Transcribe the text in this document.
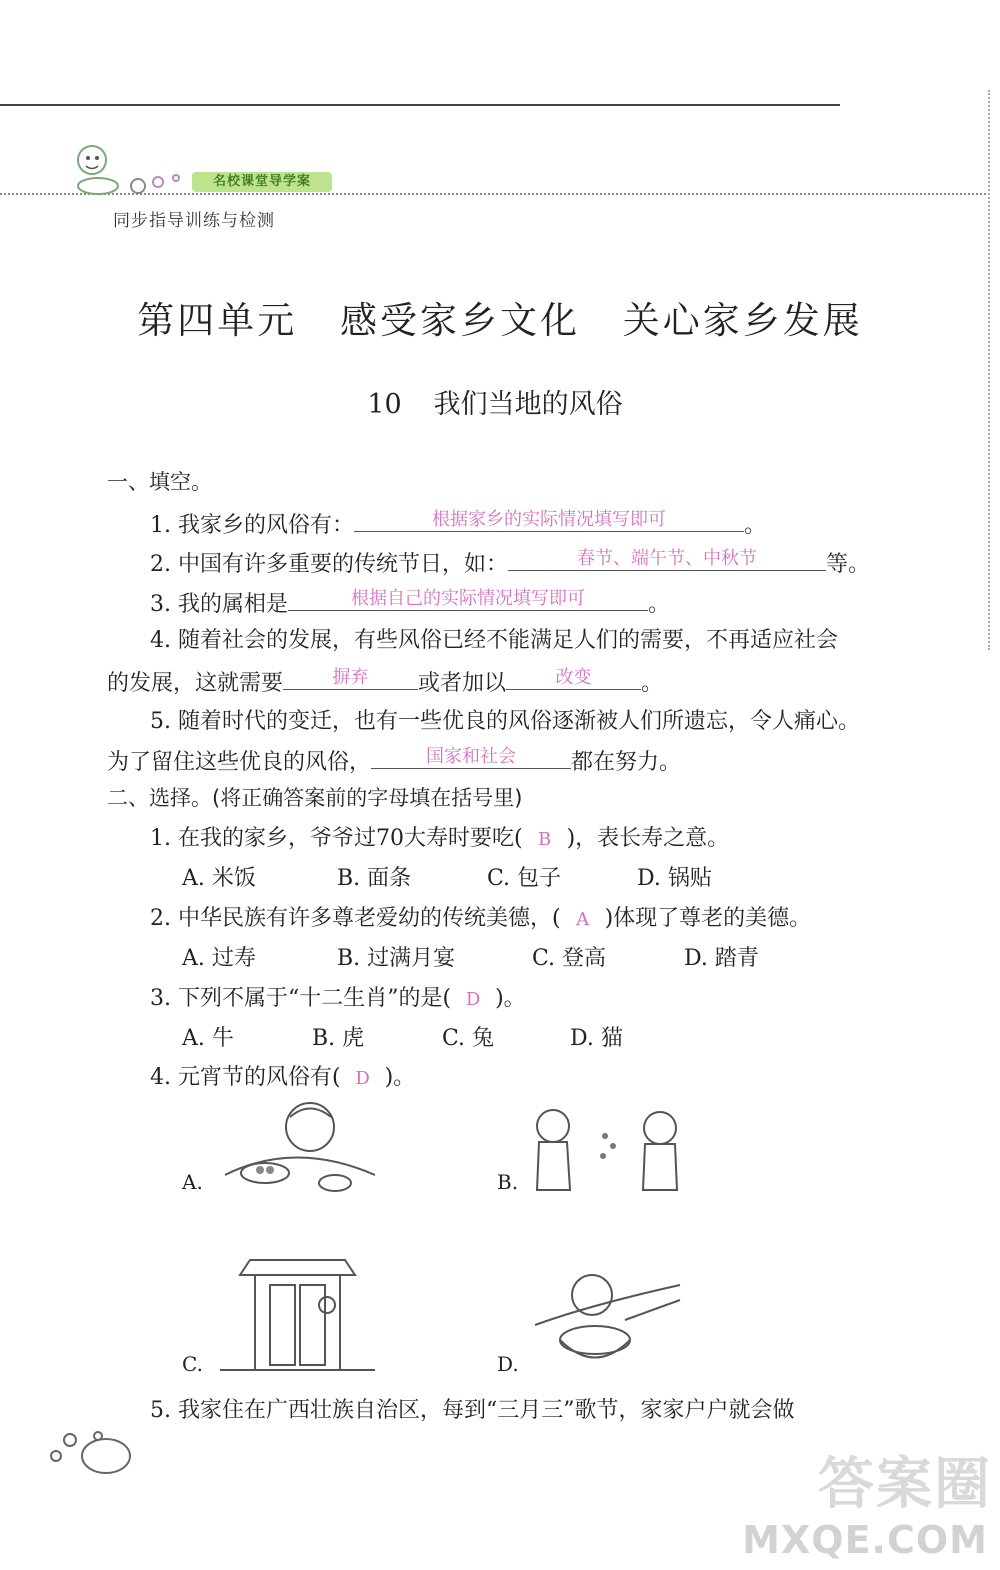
名校课堂导学案
同步指导训练与检测
第四单元 感受家乡文化 关心家乡发展
10 我们当地的风俗
一、填空。
1. 我家乡的风俗有：	根据家乡的实际情况填写即可	。
2. 中国有许多重要的传统节日，如：	春节、端午节、中秋节	等。
3. 我的属相是	根据自己的实际情况填写即可	。
4. 随着社会的发展，有些风俗已经不能满足人们的需要，不再适应社会
的发展，这就需要	摒弃 或者加以	改变 。
5. 随着时代的变迁，也有一些优良的风俗逐渐被人们所遗忘，令人痛心。
为了留住这些优良的风俗，	国家和社会	都在努力。
二、选择。(将正确答案前的字母填在括号里)
1. 在我的家乡，爷爷过70大寿时要吃( B )，表长寿之意。
A. 米饭	B. 面条	C. 包子	D. 锅贴
2. 中华民族有许多尊老爱幼的传统美德，( A )体现了尊老的美德。
A. 过寿	B. 过满月宴	C. 登高	D. 踏青
3. 下列不属于“十二生肖”的是( D )。
A. 牛	B. 虎	C. 兔	D. 猫
4. 元宵节的风俗有( D )。
A.	B.
C.	D.
5. 我家住在广西壮族自治区，每到“三月三”歌节，家家户户就会做
答案圈
MXQE.COM
